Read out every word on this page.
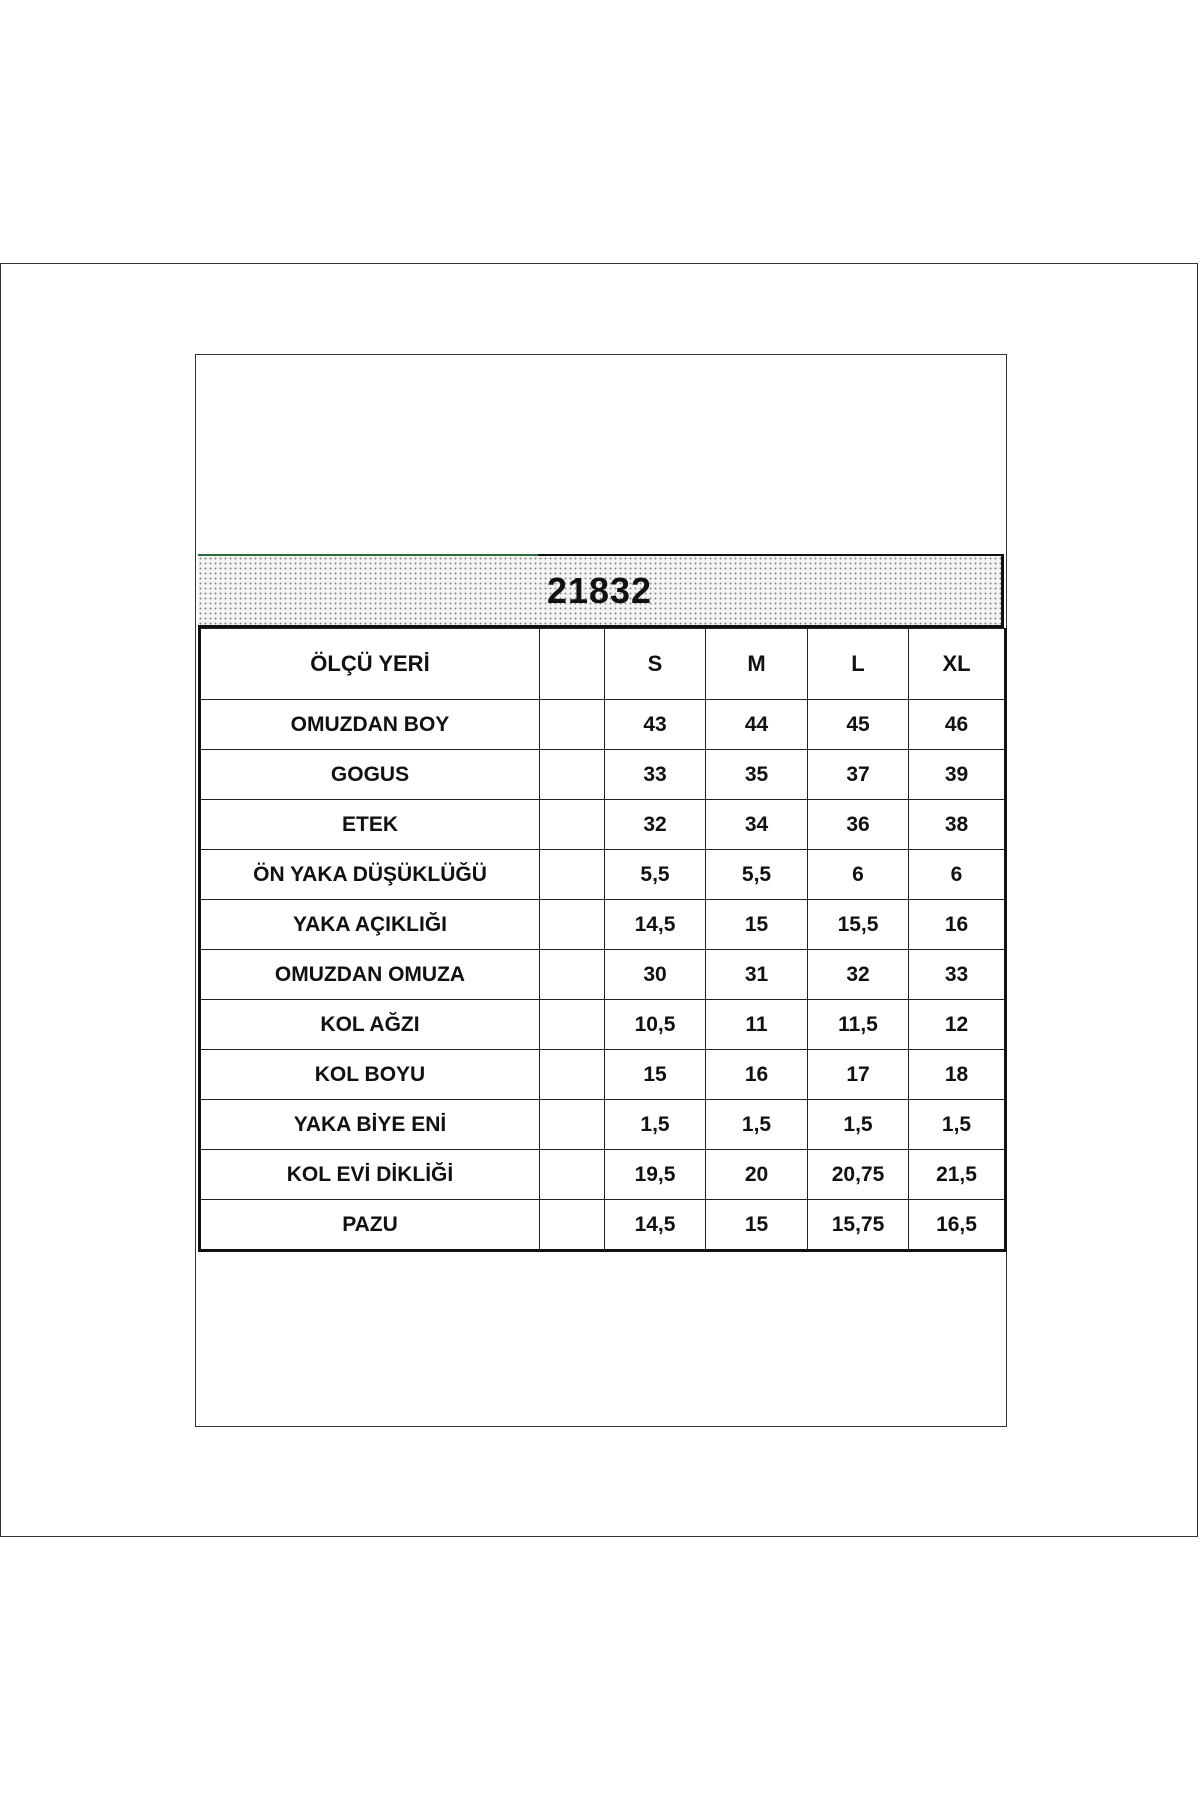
21832
ÖLÇÜ YERİ		S	M	L	XL
OMUZDAN BOY		43	44	45	46
GOGUS		33	35	37	39
ETEK		32	34	36	38
ÖN YAKA DÜŞÜKLÜĞÜ		5,5	5,5	6	6
YAKA AÇIKLIĞI		14,5	15	15,5	16
OMUZDAN OMUZA		30	31	32	33
KOL AĞZI		10,5	11	11,5	12
KOL BOYU		15	16	17	18
YAKA BİYE ENİ		1,5	1,5	1,5	1,5
KOL EVİ DİKLİĞİ		19,5	20	20,75	21,5
PAZU		14,5	15	15,75	16,5
